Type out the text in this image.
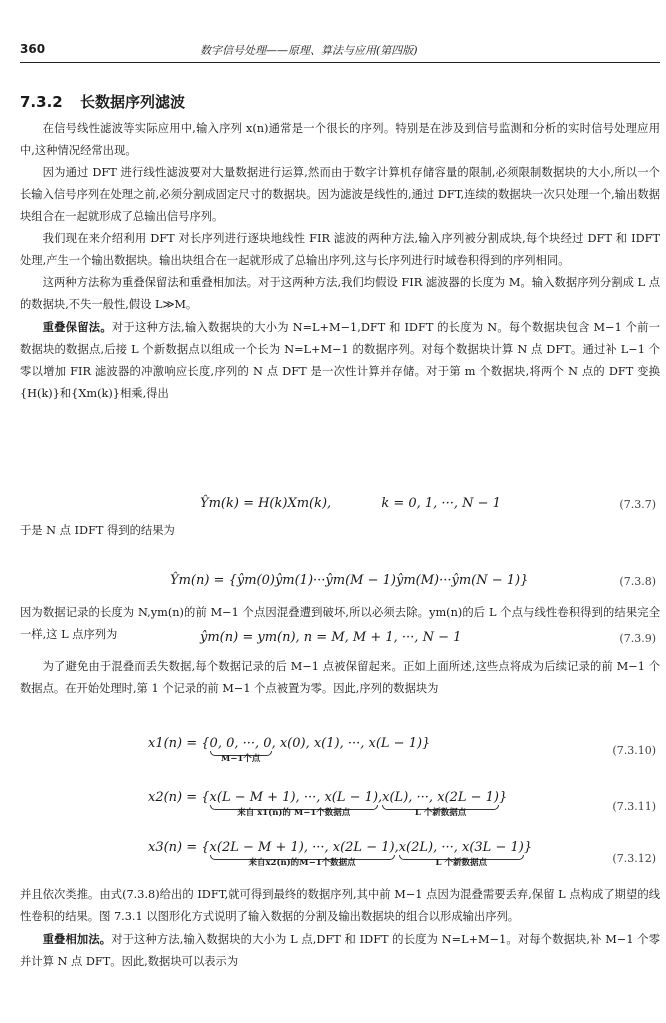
360	数字信号处理——原理、算法与应用(第四版)
7.3.2 长数据序列滤波

在信号线性滤波等实际应用中,输入序列 x(n)通常是一个很长的序列。特别是在涉及到信号监测和分析的实时信号处理应用中,这种情况经常出现。

因为通过 DFT 进行线性滤波要对大量数据进行运算,然而由于数字计算机存储容量的限制,必须限制数据块的大小,所以一个长输入信号序列在处理之前,必须分割成固定尺寸的数据块。因为滤波是线性的,通过 DFT,连续的数据块一次只处理一个,输出数据块组合在一起就形成了总输出信号序列。

我们现在来介绍利用 DFT 对长序列进行逐块地线性 FIR 滤波的两种方法,输入序列被分割成块,每个块经过 DFT 和 IDFT 处理,产生一个输出数据块。输出块组合在一起就形成了总输出序列,这与长序列进行时域卷积得到的序列相同。

这两种方法称为重叠保留法和重叠相加法。对于这两种方法,我们均假设 FIR 滤波器的长度为 M。输入数据序列分割成 L 点的数据块,不失一般性,假设 L≫M。

重叠保留法。对于这种方法,输入数据块的大小为 N=L+M−1,DFT 和 IDFT 的长度为 N。每个数据块包含 M−1 个前一数据块的数据点,后接 L 个新数据点以组成一个长为 N=L+M−1 的数据序列。对每个数据块计算 N 点 DFT。通过补 L−1 个零以增加 FIR 滤波器的冲激响应长度,序列的 N 点 DFT 是一次性计算并存储。对于第 m 个数据块,将两个 N 点的 DFT 变换{H(k)}和{Xm(k)}相乘,得出

Ŷm(k) = H(k)Xm(k),	k = 0, 1, ···, N − 1	(7.3.7)

于是 N 点 IDFT 得到的结果为

Ŷm(n) = {ŷm(0)ŷm(1)···ŷm(M − 1)ŷm(M)···ŷm(N − 1)}	(7.3.8)

因为数据记录的长度为 N,ym(n)的前 M−1 个点因混叠遭到破坏,所以必须去除。ym(n)的后 L 个点与线性卷积得到的结果完全一样,这 L 点序列为	ŷm(n) = ym(n), n = M, M + 1, ···, N − 1	(7.3.9)

为了避免由于混叠而丢失数据,每个数据记录的后 M−1 点被保留起来。正如上面所述,这些点将成为后续记录的前 M−1 个数据点。在开始处理时,第 1 个记录的前 M−1 个点被置为零。因此,序列的数据块为

x1(n) = {0, 0, ···, 0
M−1个点
, x(0), x(1), ···, x(L − 1)}	(7.3.10)
x2(n) = {x(L − M + 1), ···, x(L − 1)
来自 x1(n)的 M−1个数据点
,x(L), ···, x(2L − 1)
L 个新数据点
}
(7.3.11)
x3(n) = {x(2L − M + 1), ···, x(2L − 1)
来自x2(n)的M−1个数据点
,x(2L), ···, x(3L − 1)
L 个新数据点
}
(7.3.12)

并且依次类推。由式(7.3.8)给出的 IDFT,就可得到最终的数据序列,其中前 M−1 点因为混叠需要丢弃,保留 L 点构成了期望的线性卷积的结果。图 7.3.1 以图形化方式说明了输入数据的分割及输出数据块的组合以形成输出序列。

重叠相加法。对于这种方法,输入数据块的大小为 L 点,DFT 和 IDFT 的长度为 N=L+M−1。对每个数据块,补 M−1 个零并计算 N 点 DFT。因此,数据块可以表示为
